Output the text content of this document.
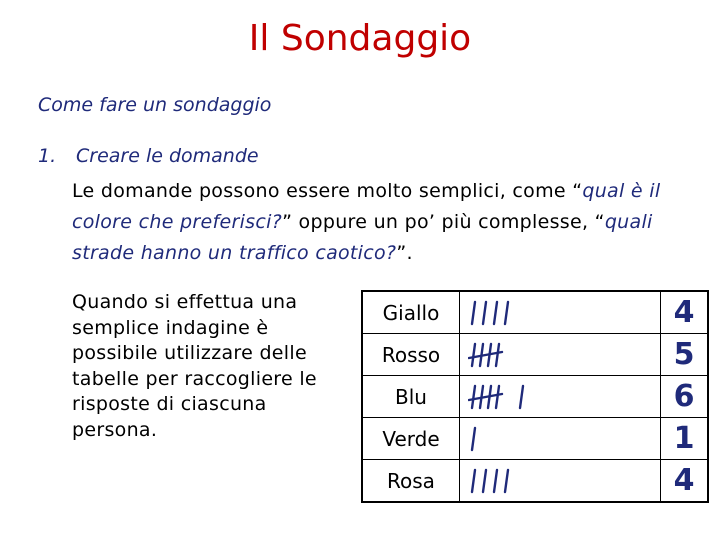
Il Sondaggio
Come fare un sondaggio
1. Creare le domande
Le domande possono essere molto semplici, come “qual è il colore che preferisci?” oppure un po’ più complesse, “quali strade hanno un traffico caotico?”.
Quando si effettua una semplice indagine è possibile utilizzare delle tabelle per raccogliere le risposte di ciascuna persona.
Giallo		4
Rosso		5
Blu		6
Verde		1
Rosa		4
